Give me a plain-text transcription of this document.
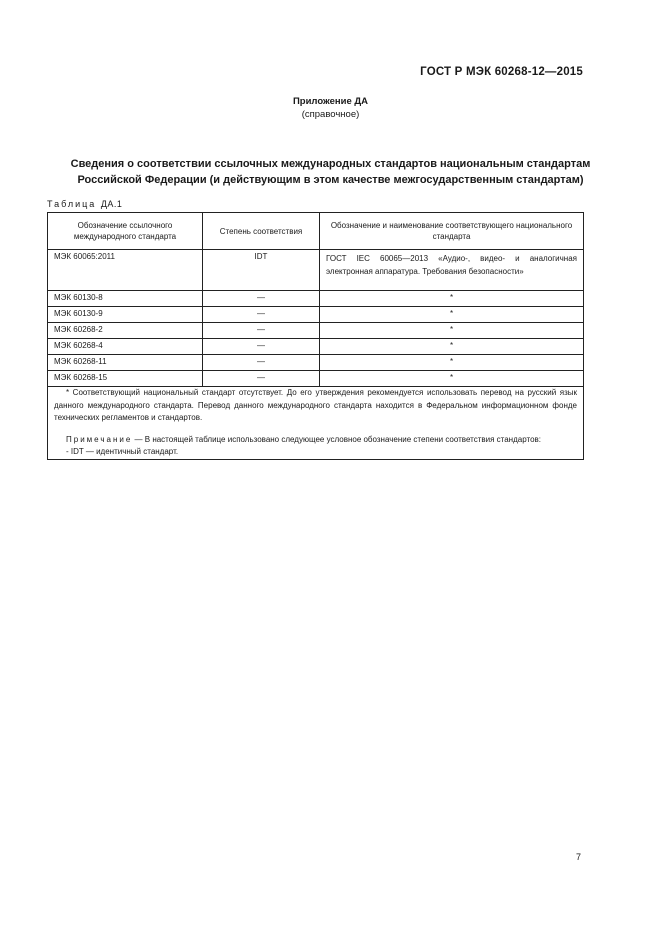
ГОСТ Р МЭК 60268-12—2015
Приложение ДА
(справочное)
Сведения о соответствии ссылочных международных стандартов национальным стандартам
Российской Федерации (и действующим в этом качестве межгосударственным стандартам)
Таблица ДА.1
Обозначение ссылочного международного стандарта	Степень соответствия	Обозначение и наименование соответствующего национального стандарта
МЭК 60065:2011	IDT	ГОСТ IEC 60065—2013 «Аудио-, видео- и аналогичная электронная аппаратура. Требования безопасности»
МЭК 60130-8	—	*
МЭК 60130-9	—	*
МЭК 60268-2	—	*
МЭК 60268-4	—	*
МЭК 60268-11	—	*
МЭК 60268-15	—	*

* Соответствующий национальный стандарт отсутствует. До его утверждения рекомендуется использовать перевод на русский язык данного международного стандарта. Перевод данного международного стандарта находится в Федеральном информационном фонде технических регламентов и стандартов.

Примечание — В настоящей таблице использовано следующее условное обозначение степени соответствия стандартов:

- IDT — идентичный стандарт.		

7
